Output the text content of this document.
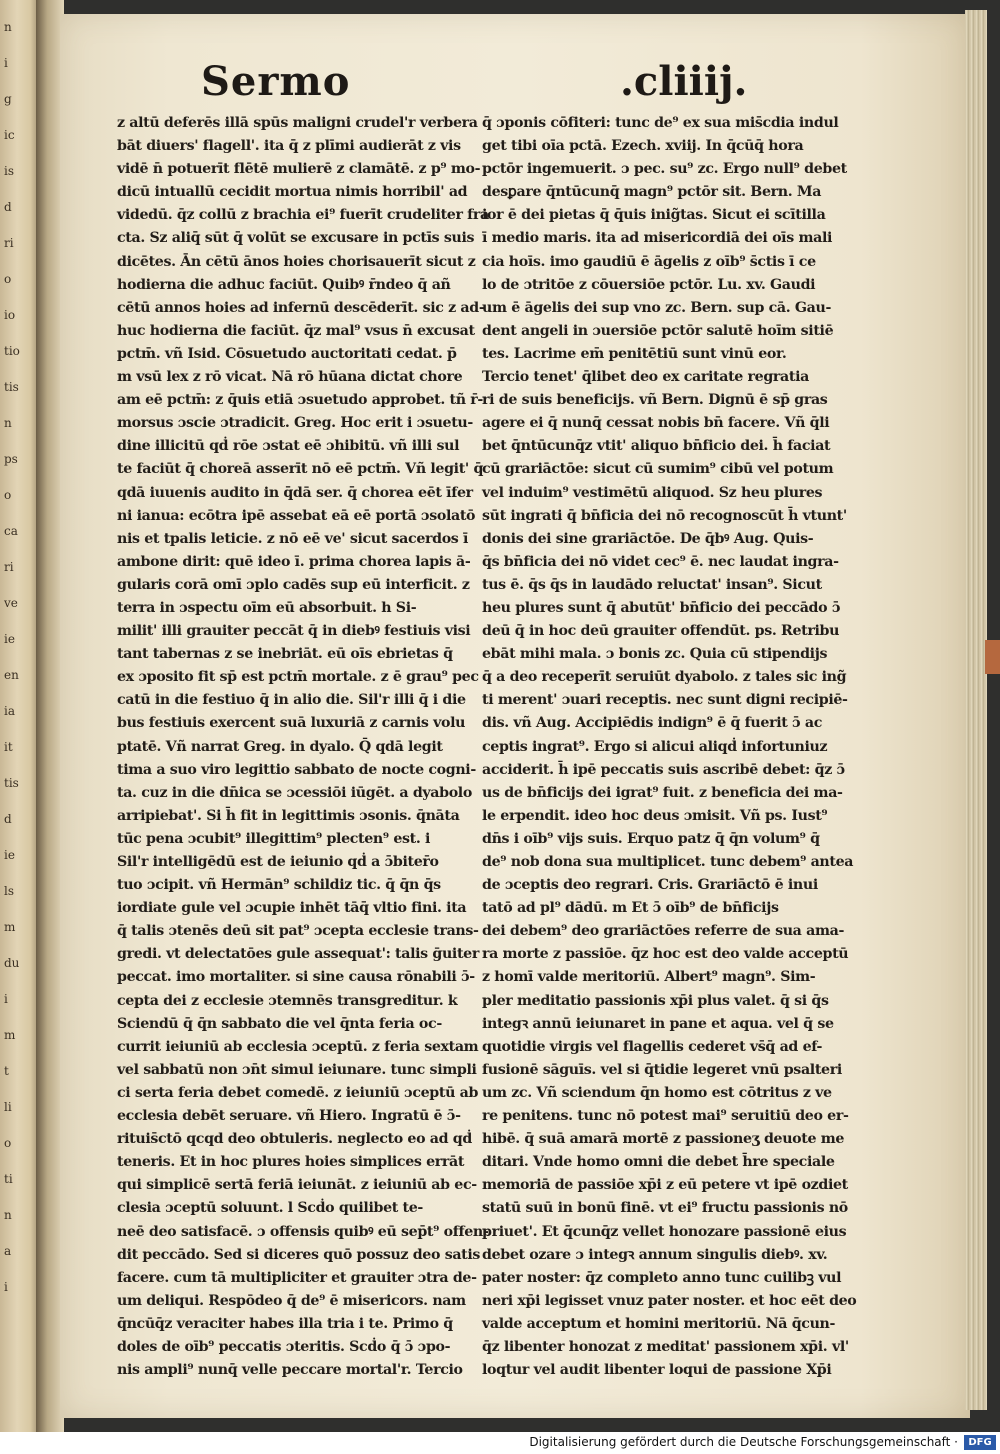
n
i
g
ic
is
d
ri
o
io
tio
tis
n
ps
o
ca
ri
ve
ie
en
ia
it
tis
d
ie
ls
m
du
i
m
t
li
o
ti
n
a
i
Sermo	.cliiij.
z altū deferēs illā spūs maligni crudel'r verbera
bāt diuers' flagell'. ita q̄ z plīmi audierāt z vis
vidē n̄ potuerīt flētē mulierē z clamātē. z p⁹ mo-
dicū intuallū cecidit mortua nimis horribil' ad
videdū. q̄z collū z brachia ei⁹ fuerīt crudeliter fra
cta. Sz aliq̄ sūt q̄ volūt se excusare in pctīs suis
dicētes. Ān cētū ānos hoies chorisauerīt sicut z
hodierna die adhuc faciūt. Quibꝰ r̄ndeo q̄ añ
cētū annos hoies ad infernū descēderīt. sic z ad-
huc hodierna die faciūt. q̄z mal⁹ vsus n̄ excusat
pctm̄. vñ Isid. Cōsuetudo auctoritati cedat. p̄
m vsū lex z rō vicat. Nā rō hūana dictat chore
am eē pctm̄: z q̄uis etiā ɔsuetudo approbet. tñ r̄-
morsus ɔscie ɔtradicit. Greg. Hoc erit i ɔsuetu-
dine illicitū qḋ rōe ɔstat eē ɔhibitū. vñ illi sul
te faciūt q̄ choreā asserīt nō eē pctm̄. Vñ legit' q̄
qdā iuuenis audito in q̄dā ser. q̄ chorea eēt īfer
ni ianua: ecōtra ipē assebat eā eē portā ɔsolatō
nis et tpalis leticie. z nō eē ve' sicut sacerdos ī
ambone dirit: quē ideo ī. prima chorea lapis ā-
gularis corā omī ɔplo cadēs sup eū interficit. z
terra in ɔspectu oīm eū absorbuit. h Si-
milit' illi grauiter peccāt q̄ in diebꝰ festiuis visi
tant tabernas z se inebriāt. eū oīs ebrietas q̄
ex ɔposito fit sp̄ est pctm̄ mortale. z ē grau⁹ pec
catū in die festiuo q̄ in alio die. Sil'r illi q̄ i die
bus festiuis exercent suā luxuriā z carnis volu
ptatē. Vñ narrat Greg. in dyalo. Q̄ qdā legit
tima a suo viro legittio sabbato de nocte cogni-
ta. cuz in die dn̄ica se ɔcessiōi iūgēt. a dyabolo
arripiebat'. Si h̄ fit in legittimis ɔsonis. q̄nāta
tūc pena ɔcubit⁹ illegittim⁹ plecten⁹ est. i
Sil'r intelligēdū est de ieiunio qḋ a ɔ̄biter̄o
tuo ɔcipit. vñ Hermān⁹ schildiz tic. q̄ q̄n q̄s
iordiate gule vel ɔcupie inhēt tāq̄ vltio fini. ita
q̄ talis ɔtenēs deū sit pat⁹ ɔcepta ecclesie trans-
gredi. vt delectatōes gule assequat': talis ḡuiter
peccat. imo mortaliter. si sine causa rōnabili ɔ̄-
cepta dei z ecclesie ɔtemnēs transgreditur. k
Sciendū q̄ q̄n sabbato die vel q̄nta feria oc-
currit ieiuniū ab ecclesia ɔceptū. z feria sextam
vel sabbatū non ɔn̄t simul ieiunare. tunc simpli
ci serta feria debet comedē. z ieiuniū ɔceptū ab
ecclesia debēt seruare. vñ Hiero. Ingratū ē ɔ̄-
rituis̄ctō qcqd deo obtuleris. neglecto eo ad qḋ
teneris. Et in hoc plures hoies simplices errāt
qui simplicē sertā feriā ieiunāt. z ieiuniū ab ec-
clesia ɔceptū soluunt. l Scḋo quilibet te-
neē deo satisfacē. ɔ offensis quibꝰ eū sep̄t⁹ offen-
dit peccādo. Sed si diceres quō possuz deo satis
facere. cum tā multipliciter et grauiter ɔtra de-
um deliqui. Respōdeo q̄ de⁹ ē misericors. nam
q̄ncūq̄z veraciter habes illa tria i te. Primo q̄
doles de oīb⁹ peccatis ɔteritis. Scḋo q̄ ɔ̄ ɔpo-
nis ampli⁹ nunq̄ velle peccare mortal'r. Tercio
q̄ ɔponis cōfiteri: tunc de⁹ ex sua mis̄cdia indul
get tibi oīa pctā. Ezech. xviij. In q̄cūq̄ hora
pctōr ingemuerit. ɔ pec. su⁹ zc. Ergo null⁹ debet
desꝑare q̄ntūcunq̄ magn⁹ pctōr sit. Bern. Ma
ior ē dei pietas q̄ q̄uis inig̃tas. Sicut ei scītilla
ī medio maris. ita ad misericordiā dei oīs mali
cia hoīs. imo gaudiū ē āgelis z oīb⁹ s̄ctis ī ce
lo de ɔtritōe z cōuersiōe pctōr. Lu. xv. Gaudi
um ē āgelis dei sup vno zc. Bern. sup cā. Gau-
dent angeli in ɔuersiōe pctōr salutē hoīm sitiē
tes. Lacrime em̄ penitētiū sunt vinū eor.
Tercio tenet' q̄libet deo ex caritate regratia
ri de suis beneficijs. vñ Bern. Dignū ē sp̄ gras
agere ei q̄ nunq̄ cessat nobis bn̄ facere. Vñ q̄li
bet q̄ntūcunq̄z vtit' aliquo bn̄ficio dei. h̄ faciat
cū grariāctōe: sicut cū sumim⁹ cibū vel potum
vel induim⁹ vestimētū aliquod. Sz heu plures
sūt ingrati q̄ bn̄ficia dei nō recognoscūt h̄ vtunt'
donis dei sine grariāctōe. De q̄bꝰ Aug. Quis-
q̄s bn̄ficia dei nō videt cec⁹ ē. nec laudat ingra-
tus ē. q̄s q̄s in laudādo reluctat' insan⁹. Sicut
heu plures sunt q̄ abutūt' bn̄ficio dei peccādo ɔ̄
deū q̄ in hoc deū grauiter offendūt. ps. Retribu
ebāt mihi mala. ɔ bonis zc. Quia cū stipendijs
q̄ a deo receperīt seruiūt dyabolo. z tales sic ing̃
ti merent' ɔuari receptis. nec sunt digni recipiē-
dis. vñ Aug. Accipiēdis indign⁹ ē q̄ fuerit ɔ̄ ac
ceptis ingrat⁹. Ergo si alicui aliqḋ infortuniuz
acciderit. h̄ ipē peccatis suis ascribē debet: q̄z ɔ̄
us de bn̄ficijs dei igrat⁹ fuit. z beneficia dei ma-
le erpendit. ideo hoc deus ɔmisit. Vñ ps. Iust⁹
dn̄s i oīb⁹ vijs suis. Erquo patz q̄ q̄n volum⁹ q̄
de⁹ nob dona sua multiplicet. tunc debem⁹ antea
de ɔceptis deo regrari. Cris. Grariāctō ē inui
tatō ad pl⁹ dādū. m Et ɔ̄ oīb⁹ de bn̄ficijs
dei debem⁹ deo grariāctōes referre de sua ama-
ra morte z passiōe. q̄z hoc est deo valde acceptū
z homī valde meritoriū. Albert⁹ magn⁹. Sim-
pler meditatio passionis xp̄i plus valet. q̄ si q̄s
integꝛ annū ieiunaret in pane et aqua. vel q̄ se
quotidie virgis vel flagellis cederet vs̄q̄ ad ef-
fusionē sāguīs. vel si q̄tidie legeret vnū psalteri
um zc. Vñ sciendum q̄n homo est cōtritus z ve
re penitens. tunc nō potest mai⁹ seruitiū deo er-
hibē. q̄ suā amarā mortē z passioneʒ deuote me
ditari. Vnde homo omni die debet h̄re speciale
memoriā de passiōe xp̄i z eū petere vt ipē ozdiet
statū suū in bonū finē. vt ei⁹ fructu passionis nō
priuet'. Et q̄cunq̄z vellet honozare passionē eius
debet ozare ɔ integꝛ annum singulis diebꝰ. xv.
pater noster: q̄z completo anno tunc cuilibꝫ vul
neri xp̄i legisset vnuz pater noster. et hoc eēt deo
valde acceptum et homini meritoriū. Nā q̄cun-
q̄z libenter honozat z meditat' passionem xp̄i. vl'
loqtur vel audit libenter loqui de passione Xp̄i
Digitalisierung gefördert durch die Deutsche Forschungsgemeinschaft ·	DFG
